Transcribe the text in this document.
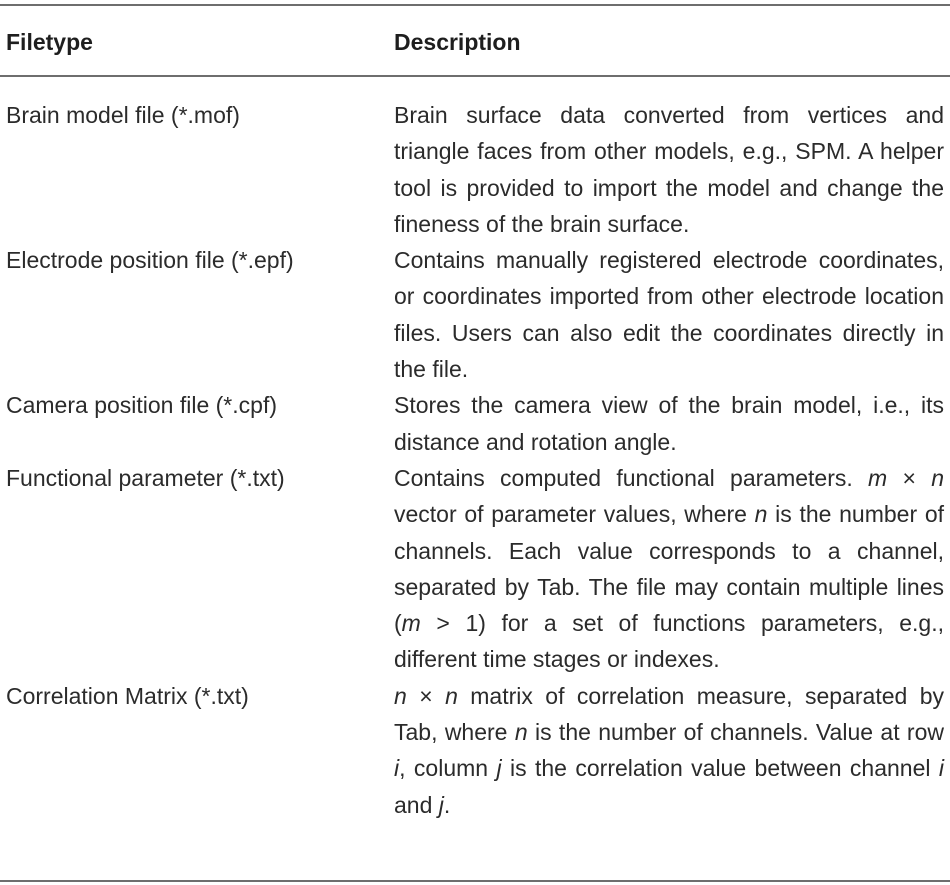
Filetype	Description
Brain model file (*.mof)	Brain surface data converted from vertices and triangle faces from other models, e.g., SPM. A helper tool is provided to import the model and change the fineness of the brain surface.
Electrode position file (*.epf)	Contains manually registered electrode coordinates, or coordinates imported from other electrode location files. Users can also edit the coordinates directly in the file.
Camera position file (*.cpf)	Stores the camera view of the brain model, i.e., its distance and rotation angle.
Functional parameter (*.txt)	Contains computed functional parameters. m × n vector of parameter values, where n is the number of channels. Each value corresponds to a channel, separated by Tab. The file may contain multiple lines (m > 1) for a set of functions parameters, e.g., different time stages or indexes.
Correlation Matrix (*.txt)	n × n matrix of correlation measure, separated by Tab, where n is the number of channels. Value at row i, column j is the correlation value between channel i and j.
